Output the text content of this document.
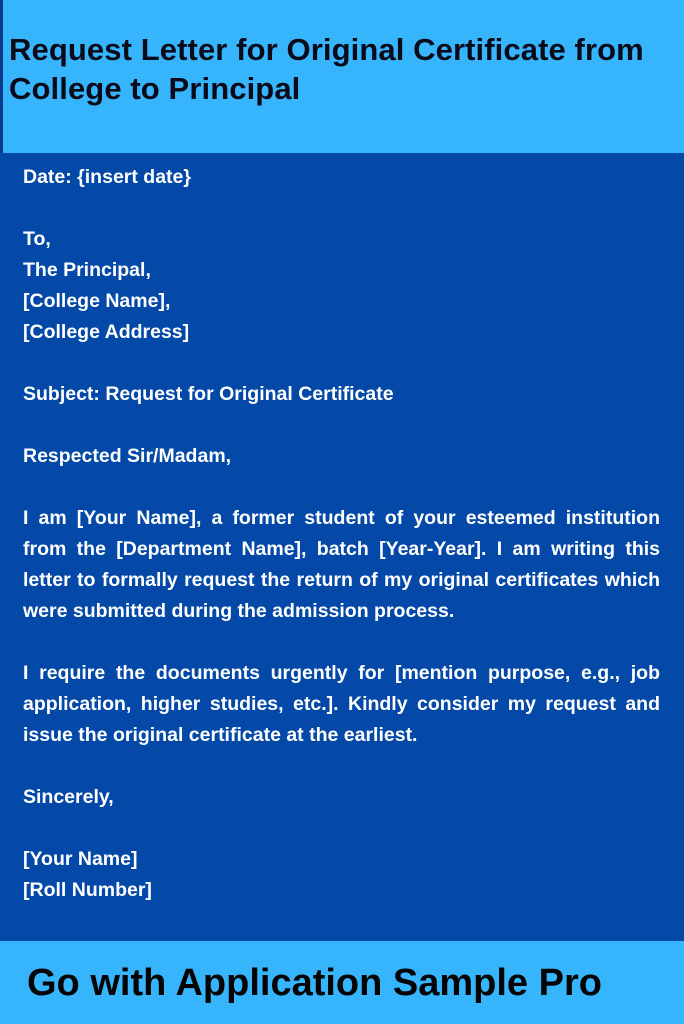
Request Letter for Original Certificate from College to Principal

Date: {insert date}

To,

The Principal,

[College Name],

[College Address]

Subject: Request for Original Certificate

Respected Sir/Madam,

I am [Your Name], a former student of your esteemed institution from the [Department Name], batch [Year-Year]. I am writing this letter to formally request the return of my original certificates which were submitted during the admission process.

I require the documents urgently for [mention purpose, e.g., job application, higher studies, etc.]. Kindly consider my request and issue the original certificate at the earliest.

Sincerely,

[Your Name]

[Roll Number]

Go with Application Sample Pro
